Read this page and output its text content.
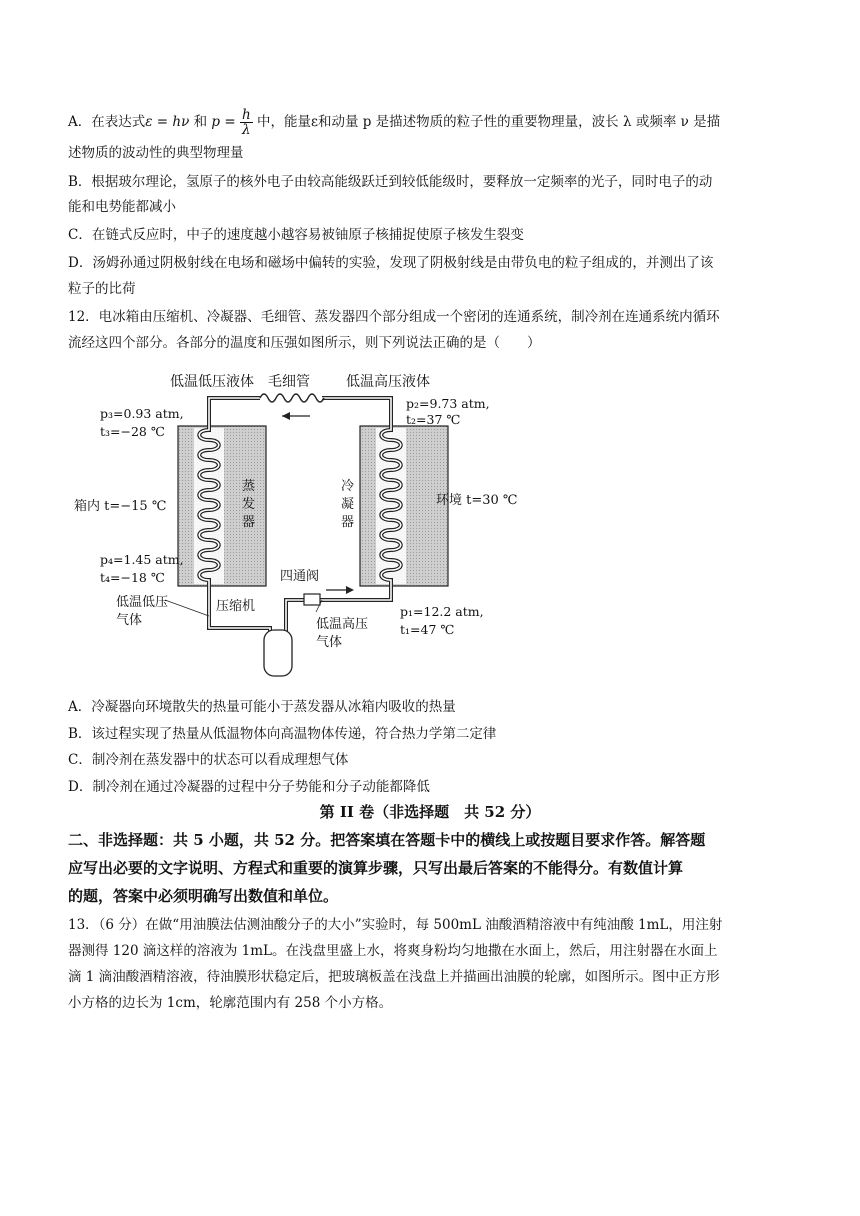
A．在表达式ε = hν 和 $p = \frac{h}{\lambda}$ 中，能量ε和动量 p 是描述物质的粒子性的重要物理量，波长 λ 或频率 ν 是描
述物质的波动性的典型物理量
B．根据玻尔理论，氢原子的核外电子由较高能级跃迁到较低能级时，要释放一定频率的光子，同时电子的动
能和电势能都减小
C．在链式反应时，中子的速度越小越容易被铀原子核捕捉使原子核发生裂变
D．汤姆孙通过阴极射线在电场和磁场中偏转的实验，发现了阴极射线是由带负电的粒子组成的，并测出了该
粒子的比荷
12．电冰箱由压缩机、冷凝器、毛细管、蒸发器四个部分组成一个密闭的连通系统，制冷剂在连通系统内循环
流经这四个部分。各部分的温度和压强如图所示，则下列说法正确的是（　　）
低温低压液体 毛细管	低温高压液体
p₃=0.93 atm,
t₃=−28 ℃
p₂=9.73 atm,
t₂=37 ℃
箱内 t=−15 ℃	环境 t=30 ℃
蒸
发
器
冷
凝
器
p₄=1.45 atm,
t₄=−18 ℃	四通阀
压缩机
低温低压
气体	低温高压
气体
p₁=12.2 atm,
t₁=47 ℃
A．冷凝器向环境散失的热量可能小于蒸发器从冰箱内吸收的热量
B．该过程实现了热量从低温物体向高温物体传递，符合热力学第二定律
C．制冷剂在蒸发器中的状态可以看成理想气体
D．制冷剂在通过冷凝器的过程中分子势能和分子动能都降低
第 II 卷（非选择题　共 52 分）
二、非选择题：共 5 小题，共 52 分。把答案填在答题卡中的横线上或按题目要求作答。解答题
应写出必要的文字说明、方程式和重要的演算步骤，只写出最后答案的不能得分。有数值计算
的题，答案中必须明确写出数值和单位。
13．（6 分）在做“用油膜法估测油酸分子的大小”实验时，每 500mL 油酸酒精溶液中有纯油酸 1mL，用注射
器测得 120 滴这样的溶液为 1mL。在浅盘里盛上水，将爽身粉均匀地撒在水面上，然后，用注射器在水面上
滴 1 滴油酸酒精溶液，待油膜形状稳定后，把玻璃板盖在浅盘上并描画出油膜的轮廓，如图所示。图中正方形
小方格的边长为 1cm，轮廓范围内有 258 个小方格。
